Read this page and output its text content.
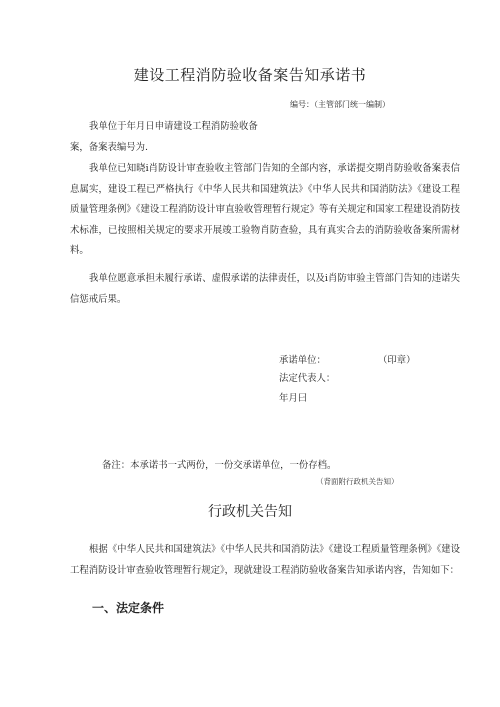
建设工程消防验收备案告知承诺书
编号：（主管部门统一编制）
我单位于年月日申请建设工程消防验收备
案，备案表编号为.
我单位已知晓i肖防设计审查验收主管部门告知的全部内容，承诺提交期肖防验收备案表信息属实，建设工程已严格执行《中华人民共和国建筑法》《中华人民共和国消防法》《建设工程质量管理条例》《建设工程消防设计审直验收管理暂行规定》等有关规定和国家工程建设消防技术标准，已按照相关规定的要求开展竣工验物肖防查验，具有真实合去的消防验收备案所需材料。
我单位愿意承担未履行承诺、虚假承诺的法律责任，以及i肖防审验主管部门告知的违诺失信惩戒后果。
承诺单位：	（印章）
法定代表人：
年月曰
备注：本承诺书一式两份，一份交承诺单位，一份存档。
（背面附行政机关告知）
行政机关告知
根据《中华人民共和国建筑法》《中华人民共和国消防法》《建设工程质量管理条例》《建设工程消防设计审查验收管理暂行规定》，现就建设工程消防验收备案告知承诺内容，告知如下：
一、法定条件
